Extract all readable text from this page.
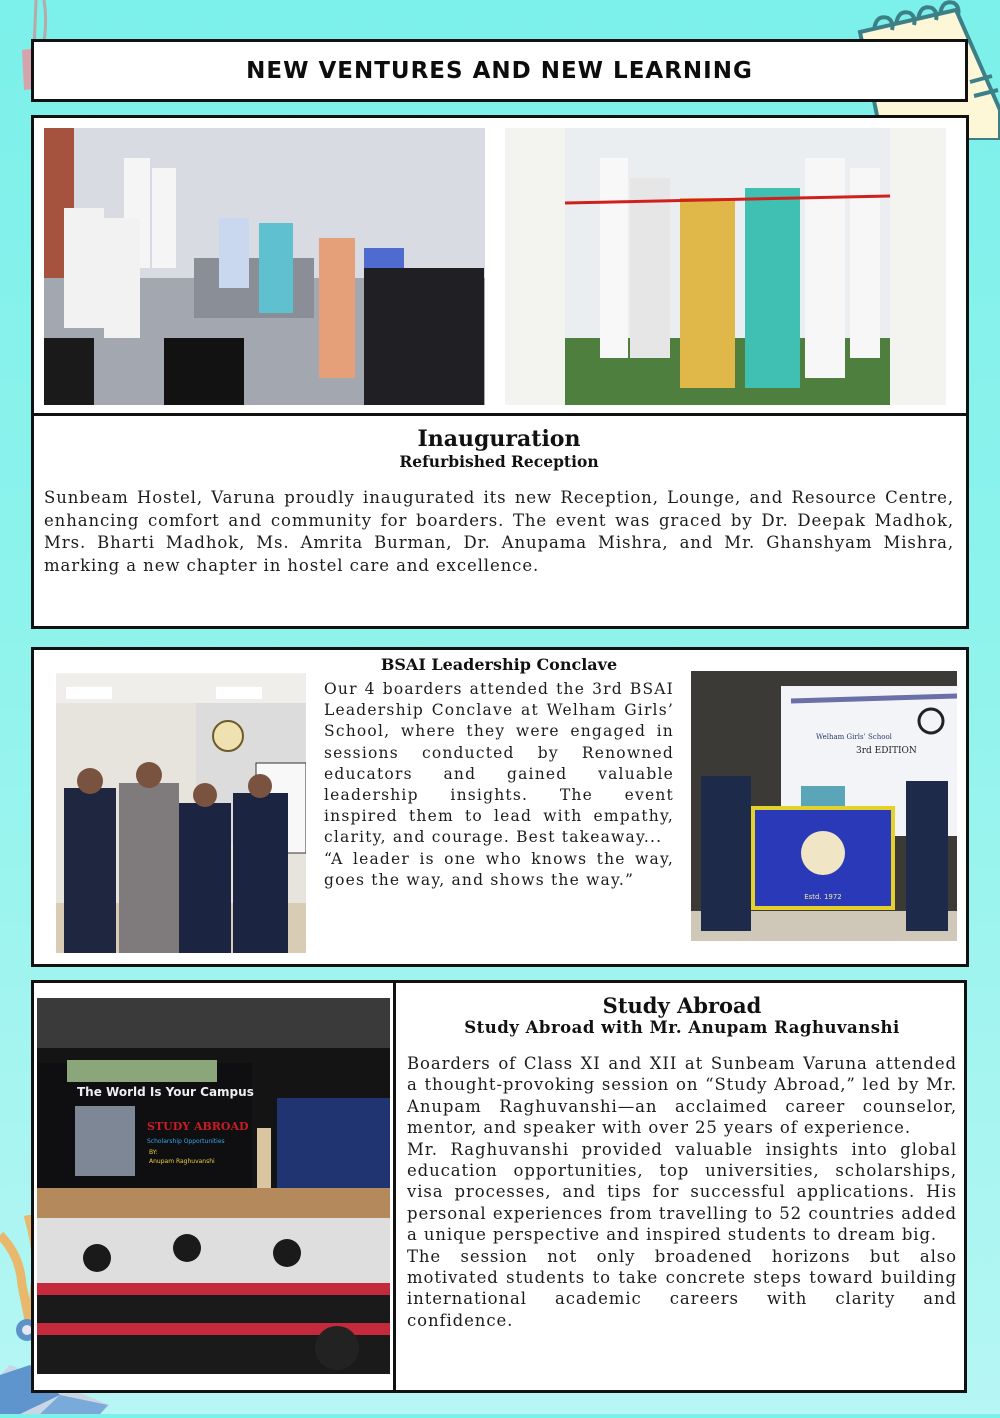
NEW VENTURES AND NEW LEARNING
Inauguration
Refurbished Reception
Sunbeam Hostel, Varuna proudly inaugurated its new Reception, Lounge, and Resource Centre, enhancing comfort and community for boarders. The event was graced by Dr. Deepak Madhok, Mrs. Bharti Madhok, Ms. Amrita Burman, Dr. Anupama Mishra, and Mr. Ghanshyam Mishra, marking a new chapter in hostel care and excellence.
BSAI Leadership Conclave
Our 4 boarders attended the 3rd BSAI Leadership Conclave at Welham Girls’ School, where they were engaged in sessions conducted by Renowned educators and gained valuable leadership insights. The event inspired them to lead with empathy, clarity, and courage. Best takeaway...
“A leader is one who knows the way, goes the way, and shows the way.”
Welham Girls’ School
3rd EDITION
Estd. 1972
The World Is Your Campus
STUDY ABROAD
Scholarship Opportunities
BY:
Anupam Raghuvanshi
Study Abroad
Study Abroad with Mr. Anupam Raghuvanshi

Boarders of Class XI and XII at Sunbeam Varuna attended a thought-provoking session on “Study Abroad,” led by Mr. Anupam Raghuvanshi—an acclaimed career counselor, mentor, and speaker with over 25 years of experience.

Mr. Raghuvanshi provided valuable insights into global education opportunities, top universities, scholarships, visa processes, and tips for successful applications. His personal experiences from travelling to 52 countries added a unique perspective and inspired students to dream big.

The session not only broadened horizons but also motivated students to take concrete steps toward building international academic careers with clarity and confidence.
